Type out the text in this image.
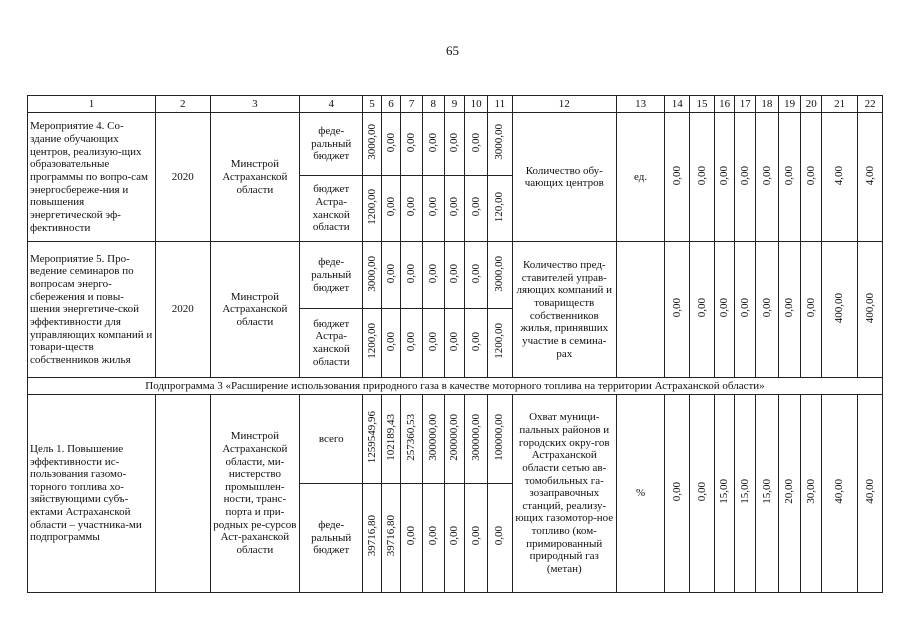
65
1	2	3	4	5	6	7	8	9	10	11	12	13	14	15	16	17	18	19	20	21	22
Мероприятие 4. Со-здание обучающих центров, реализую-щих образовательные программы по вопро-сам энергосбереже-ния и повышения энергетической эф-фективности	2020	Минстрой Астраханской области	феде-ральный бюджет	3000,00	0,00	0,00	0,00	0,00	0,00	3000,00	Количество обу-чающих центров	ед.	0,00	0,00	0,00	0,00	0,00	0,00	0,00	4,00	4,00
			бюджет Астра-ханской области	1200,00	0,00	0,00	0,00	0,00	0,00	120,00											
Мероприятие 5. Про-ведение семинаров по вопросам энерго-сбережения и повы-шения энергетиче-ской эффективности для управляющих компаний и товари-ществ собственников жилья	2020	Минстрой Астраханской области	феде-ральный бюджет	3000,00	0,00	0,00	0,00	0,00	0,00	3000,00	Количество пред-ставителей управ-ляющих компаний и товариществ собственников жилья, принявших участие в семина-рах		0,00	0,00	0,00	0,00	0,00	0,00	0,00	400,00	400,00
			бюджет Астра-ханской области	1200,00	0,00	0,00	0,00	0,00	0,00	1200,00											
Подпрограмма 3 «Расширение использования природного газа в качестве моторного топлива на территории Астраханской области»																					
Цель 1. Повышение эффективности ис-пользования газомо-торного топлива хо-зяйствующими субъ-ектами Астраханской области – участника-ми подпрограммы		Минстрой Астраханской области, ми-нистерство промышлен-ности, транс-порта и при-родных ре-сурсов Аст-раханской области	всего	1259549,96	102189,43	257360,53	300000,00	200000,00	300000,00	100000,00	Охват муници-пальных районов и городских окру-гов Астраханской области сетью ав-томобильных га-зозаправочных станций, реализу-ющих газомотор-ное топливо (ком-примированный природный газ (метан)	%	0,00	0,00	15,00	15,00	15,00	20,00	30,00	40,00	40,00
			феде-ральный бюджет	39716,80	39716,80	0,00	0,00	0,00	0,00	0,00											
